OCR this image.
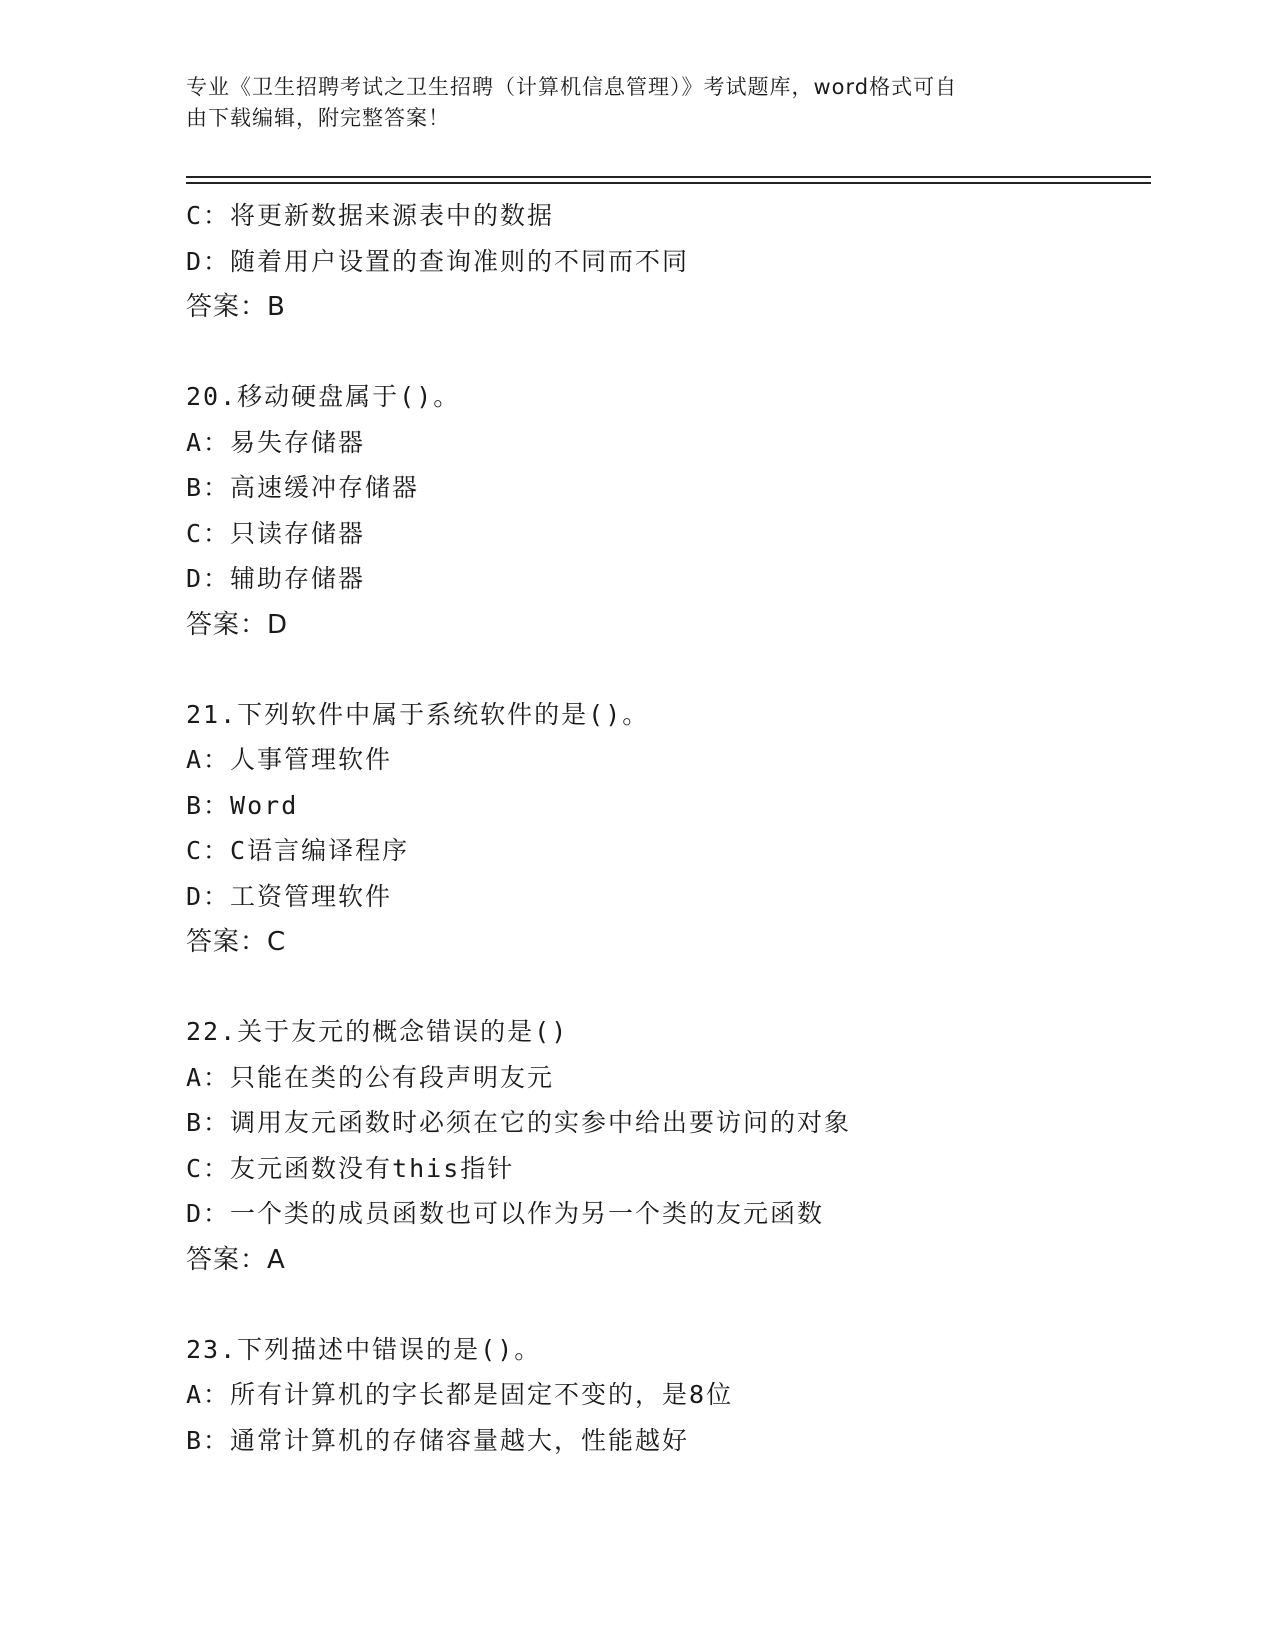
专业《卫生招聘考试之卫生招聘（计算机信息管理）》考试题库，word格式可自
由下载编辑，附完整答案！
C：将更新数据来源表中的数据
D：随着用户设置的查询准则的不同而不同
答案：B
20.移动硬盘属于()。
A：易失存储器
B：高速缓冲存储器
C：只读存储器
D：辅助存储器
答案：D
21.下列软件中属于系统软件的是()。
A：人事管理软件
B：Word
C：C语言编译程序
D：工资管理软件
答案：C
22.关于友元的概念错误的是()
A：只能在类的公有段声明友元
B：调用友元函数时必须在它的实参中给出要访问的对象
C：友元函数没有this指针
D：一个类的成员函数也可以作为另一个类的友元函数
答案：A
23.下列描述中错误的是()。
A：所有计算机的字长都是固定不变的，是8位
B：通常计算机的存储容量越大，性能越好
